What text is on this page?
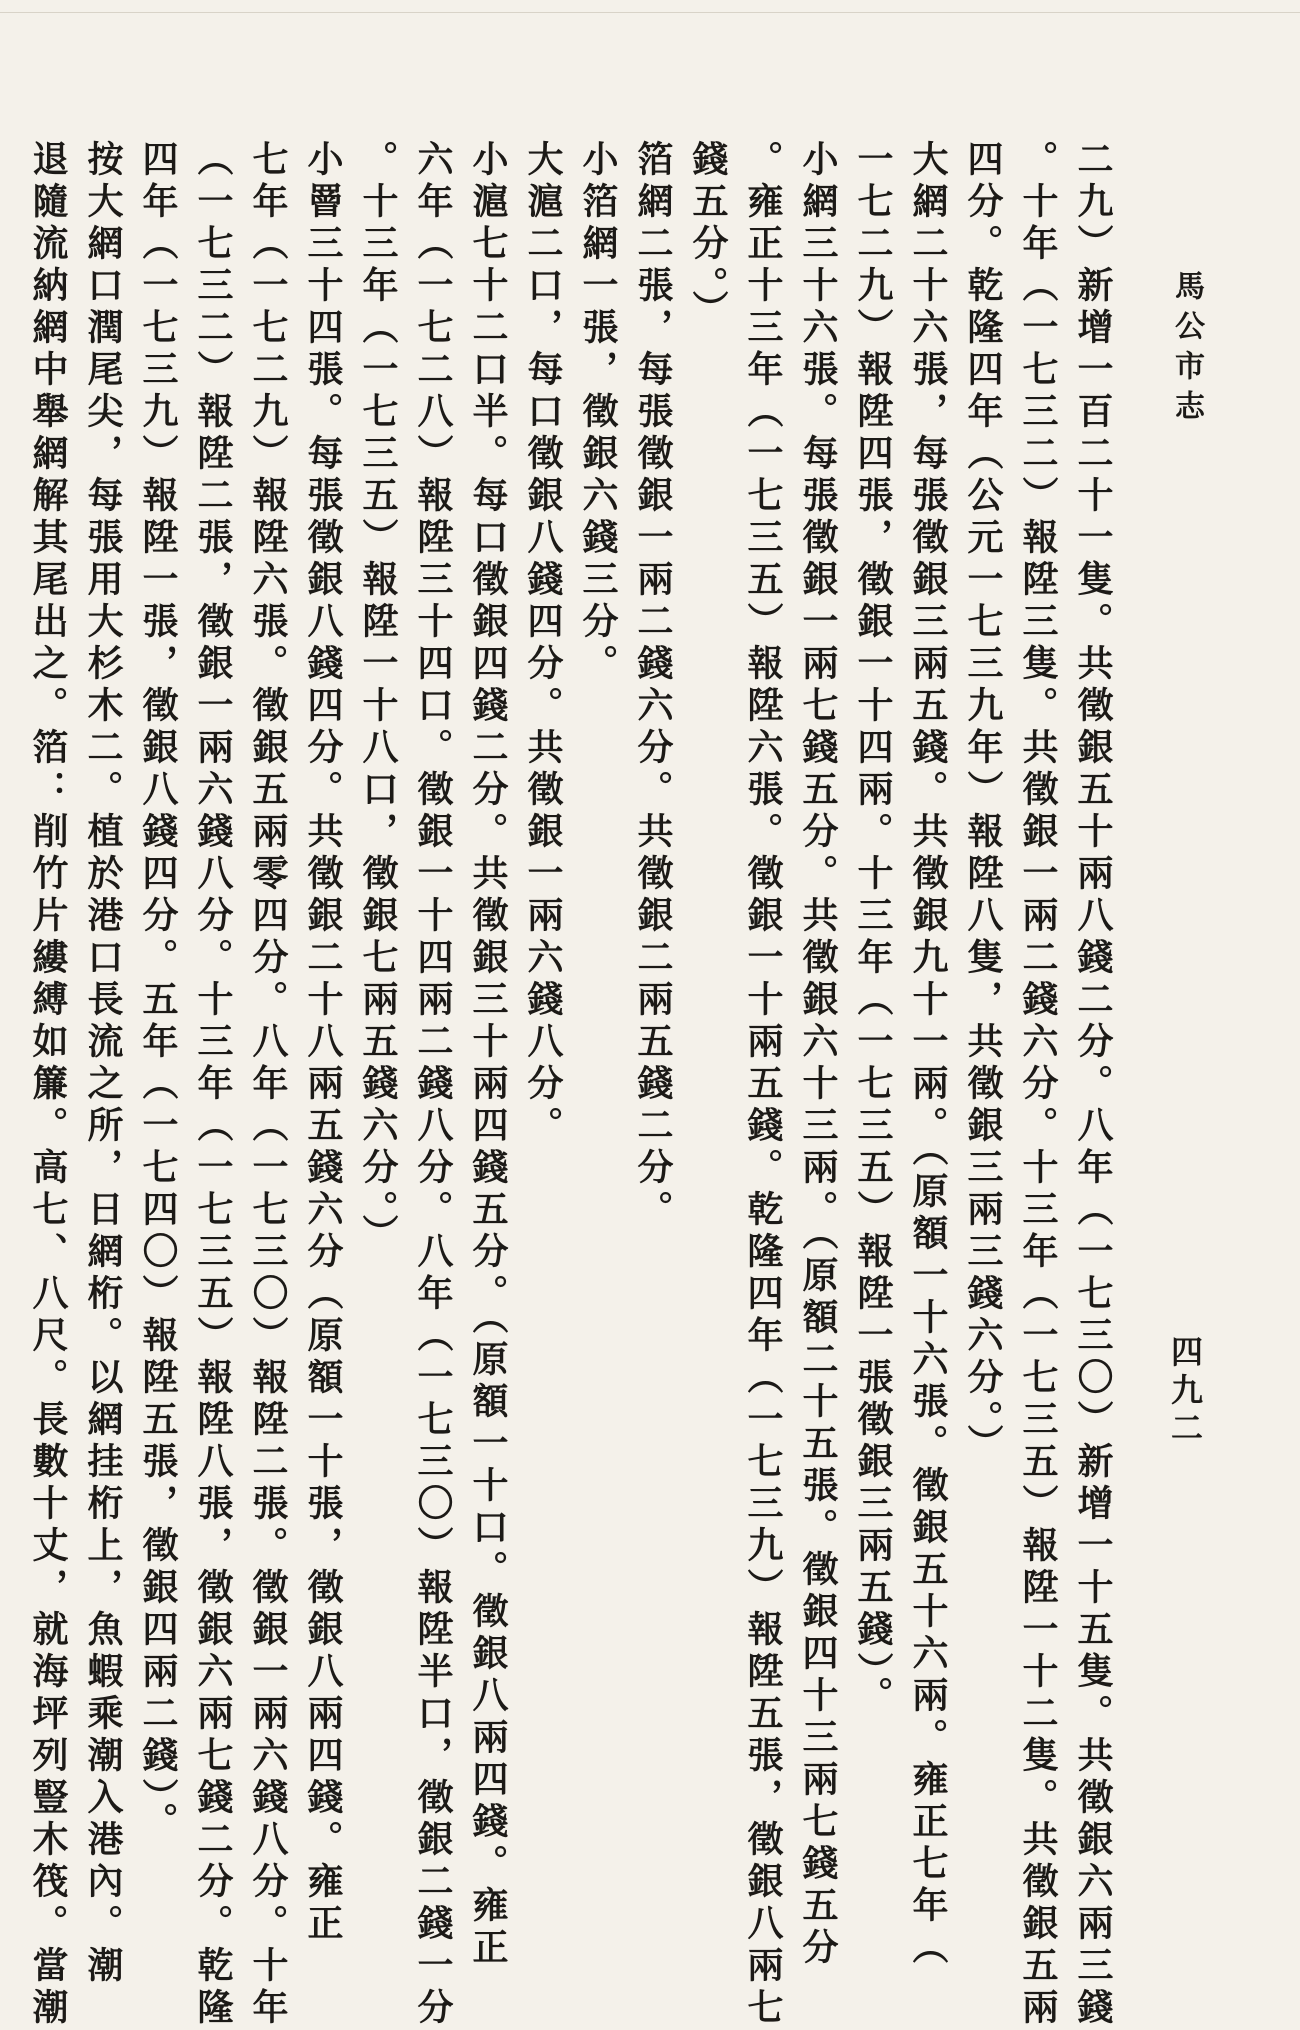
馬公市志
四九二
二九）新增一百二十一隻。共徵銀五十兩八錢二分。八年（一七三〇）新增一十五隻。共徵銀六兩三錢
。十年（一七三二）報陞三隻。共徵銀一兩二錢六分。十三年（一七三五）報陞一十二隻。共徵銀五兩
四分。乾隆四年（公元一七三九年）報陞八隻，共徵銀三兩三錢六分。）
大網二十六張，每張徵銀三兩五錢。共徵銀九十一兩。（原額一十六張。徵銀五十六兩。雍正七年（
一七二九）報陞四張，徵銀一十四兩。十三年（一七三五）報陞一張徵銀三兩五錢）。
小網三十六張。每張徵銀一兩七錢五分。共徵銀六十三兩。（原額二十五張。徵銀四十三兩七錢五分
。雍正十三年（一七三五）報陞六張。徵銀一十兩五錢。乾隆四年（一七三九）報陞五張，徵銀八兩七
錢五分。）
箔網二張，每張徵銀一兩二錢六分。共徵銀二兩五錢二分。
小箔網一張，徵銀六錢三分。
大滬二口，每口徵銀八錢四分。共徵銀一兩六錢八分。
小滬七十二口半。每口徵銀四錢二分。共徵銀三十兩四錢五分。（原額一十口。徵銀八兩四錢。雍正
六年（一七二八）報陞三十四口。徵銀一十四兩二錢八分。八年（一七三〇）報陞半口，徵銀二錢一分
。十三年（一七三五）報陞一十八口，徵銀七兩五錢六分。）
小罾三十四張。每張徵銀八錢四分。共徵銀二十八兩五錢六分（原額一十張，徵銀八兩四錢。雍正
七年（一七二九）報陞六張。徵銀五兩零四分。八年（一七三〇）報陞二張。徵銀一兩六錢八分。十年
（一七三二）報陞二張，徵銀一兩六錢八分。十三年（一七三五）報陞八張，徵銀六兩七錢二分。乾隆
四年（一七三九）報陞一張，徵銀八錢四分。五年（一七四〇）報陞五張，徵銀四兩二錢）。
按大網口潤尾尖，每張用大杉木二。植於港口長流之所，日網桁。以網挂桁上，魚蝦乘潮入港內。潮
退隨流納網中舉網解其尾出之。箔：削竹片縷縛如簾。高七、八尺。長數十丈，就海坪列豎木筏。當潮
